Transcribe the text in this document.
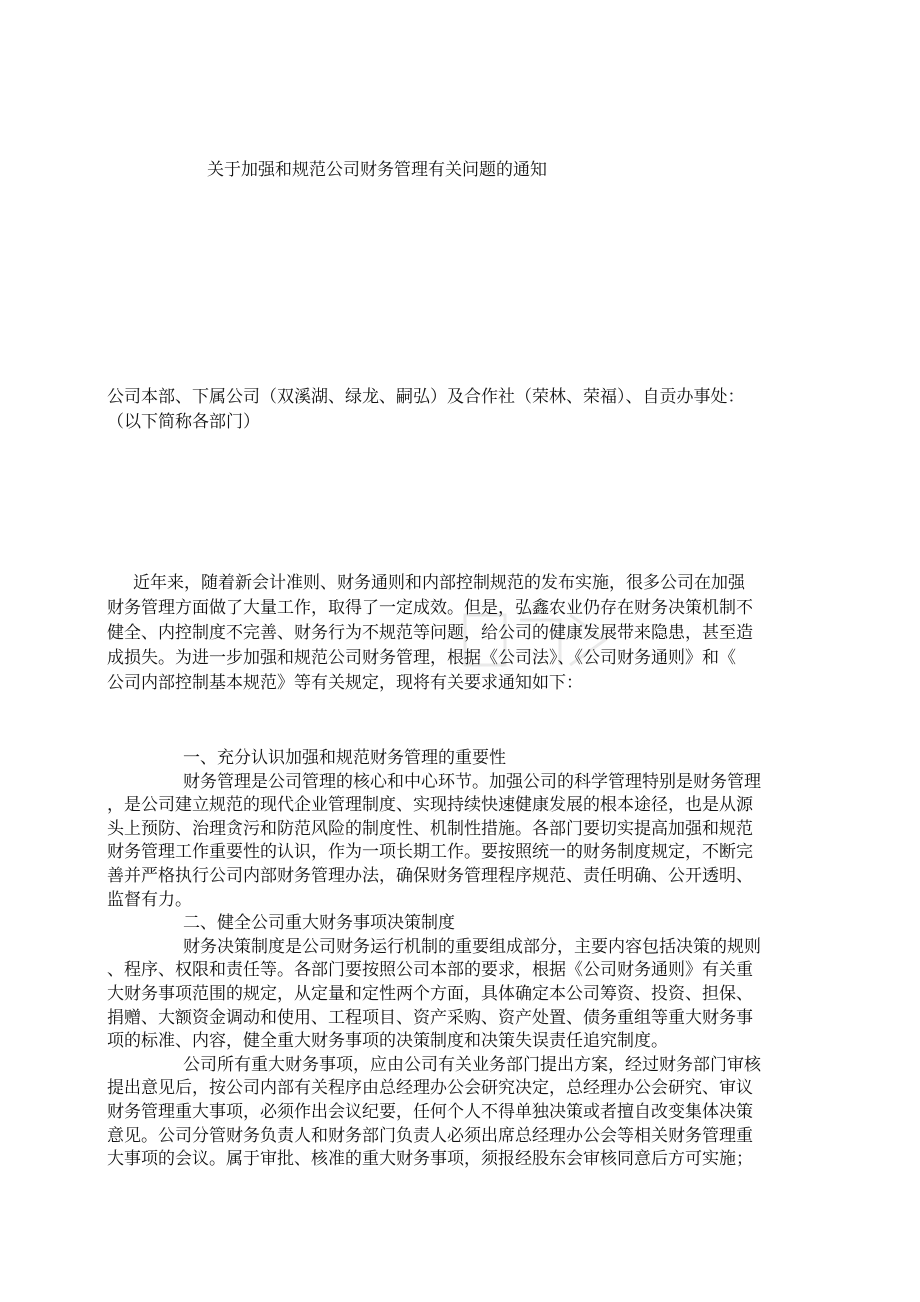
关于加强和规范公司财务管理有关问题的通知
公司本部、下属公司（双溪湖、绿龙、嗣弘）及合作社（荣林、荣福）、自贡办事处：
（以下简称各部门）
近年来，随着新会计准则、财务通则和内部控制规范的发布实施，很多公司在加强
财务管理方面做了大量工作，取得了一定成效。但是，弘鑫农业仍存在财务决策机制不
健全、内控制度不完善、财务行为不规范等问题，给公司的健康发展带来隐患，甚至造
成损失。为进一步加强和规范公司财务管理，根据《公司法》、《公司财务通则》和《
公司内部控制基本规范》等有关规定，现将有关要求通知如下：
一、充分认识加强和规范财务管理的重要性
财务管理是公司管理的核心和中心环节。加强公司的科学管理特别是财务管理
，是公司建立规范的现代企业管理制度、实现持续快速健康发展的根本途径，也是从源
头上预防、治理贪污和防范风险的制度性、机制性措施。各部门要切实提高加强和规范
财务管理工作重要性的认识，作为一项长期工作。要按照统一的财务制度规定，不断完
善并严格执行公司内部财务管理办法，确保财务管理程序规范、责任明确、公开透明、
监督有力。
二、健全公司重大财务事项决策制度
财务决策制度是公司财务运行机制的重要组成部分，主要内容包括决策的规则
、程序、权限和责任等。各部门要按照公司本部的要求，根据《公司财务通则》有关重
大财务事项范围的规定，从定量和定性两个方面，具体确定本公司筹资、投资、担保、
捐赠、大额资金调动和使用、工程项目、资产采购、资产处置、债务重组等重大财务事
项的标准、内容，健全重大财务事项的决策制度和决策失误责任追究制度。
公司所有重大财务事项，应由公司有关业务部门提出方案，经过财务部门审核
提出意见后，按公司内部有关程序由总经理办公会研究决定，总经理办公会研究、审议
财务管理重大事项，必须作出会议纪要，任何个人不得单独决策或者擅自改变集体决策
意见。公司分管财务负责人和财务部门负责人必须出席总经理办公会等相关财务管理重
大事项的会议。属于审批、核准的重大财务事项，须报经股东会审核同意后方可实施；
